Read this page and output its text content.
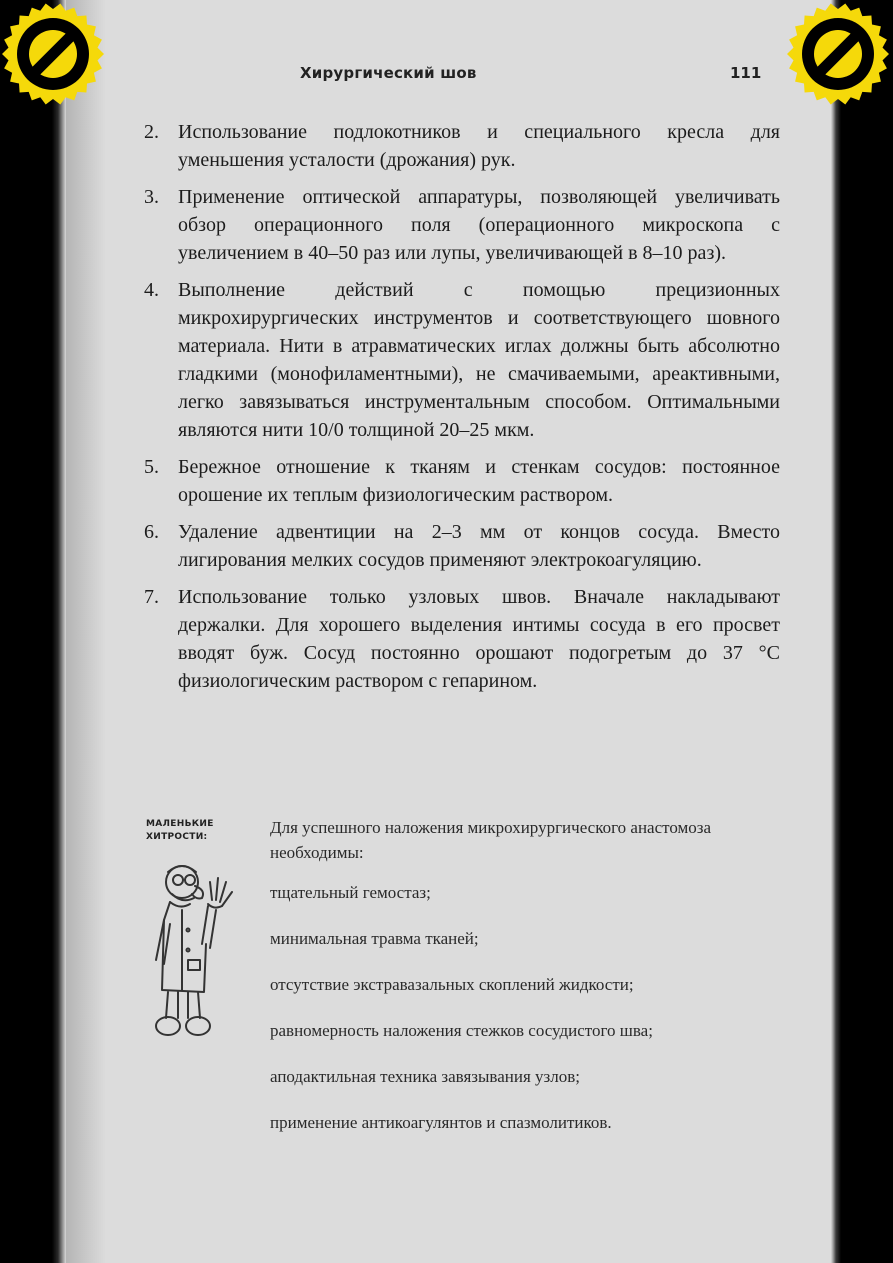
Хирургический шов	111
2. Использование подлокотников и специального кресла для уменьшения усталости (дрожания) рук.
3. Применение оптической аппаратуры, позволяющей увеличивать обзор операционного поля (операционного микроскопа с увеличением в 40–50 раз или лупы, увеличивающей в 8–10 раз).
4. Выполнение действий с помощью прецизионных микрохирургических инструментов и соответствующего шовного материала. Нити в атравматических иглах должны быть абсолютно гладкими (монофиламентными), не смачиваемыми, ареактивными, легко завязываться инструментальным способом. Оптимальными являются нити 10/0 толщиной 20–25 мкм.
5. Бережное отношение к тканям и стенкам сосудов: постоянное орошение их теплым физиологическим раствором.
6. Удаление адвентиции на 2–3 мм от концов сосуда. Вместо лигирования мелких сосудов применяют электрокоагуляцию.
7. Использование только узловых швов. Вначале накладывают держалки. Для хорошего выделения интимы сосуда в его просвет вводят буж. Сосуд постоянно орошают подогретым до 37 °С физиологическим раствором с гепарином.
МАЛЕНЬКИЕ
ХИТРОСТИ:	Для успешного наложения микрохирургического анастомоза необходимы:
тщательный гемостаз;
минимальная травма тканей;
отсутствие экстравазальных скоплений жидкости;
равномерность наложения стежков сосудистого шва;
аподактильная техника завязывания узлов;
применение антикоагулянтов и спазмолитиков.
